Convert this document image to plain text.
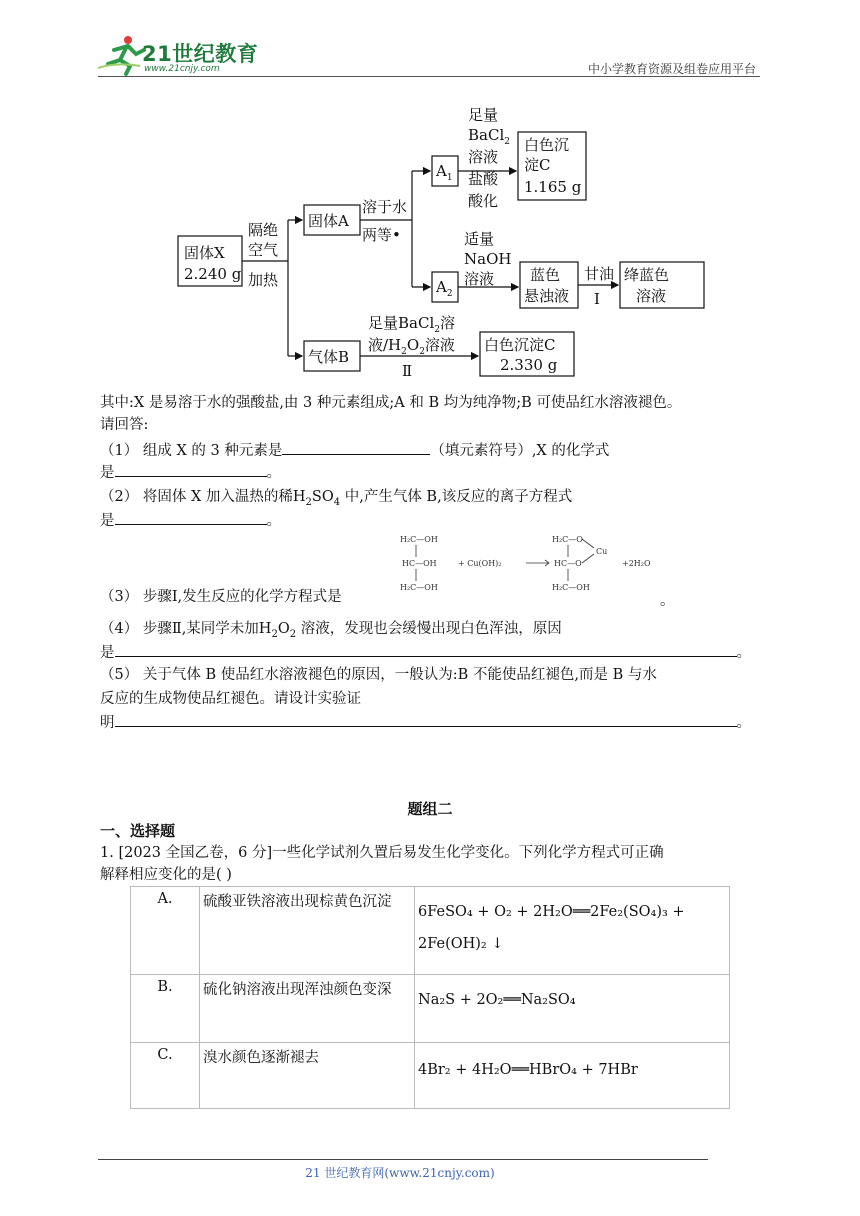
21世纪教育
www.21cnjy.com	中小学教育资源及组卷应用平台
固体X
2.240 g
隔绝
空气
加热
固体A
溶于水
两等•
$A_1$
足量
BaCl$_2$
溶液
盐酸
酸化
白色沉
淀C
1.165 g
$A_2$
适量
NaOH
溶液 蓝色
悬浊液
甘油
Ⅰ
绛蓝色
溶液
气体B
足量BaCl$_2$溶
液$/H_2O_2$溶液
Ⅱ
白色沉淀C
2.330 g
其中:X 是易溶于水的强酸盐,由 3 种元素组成;A 和 B 均为纯净物;B 可使品红水溶液褪色。
请回答:
（1） 组成 X 的 3 种元素是	（填元素符号）,X 的化学式
是	。
（2） 将固体 X 加入温热的稀$H_2SO_4$ 中,产生气体 B,该反应的离子方程式
是	。
H₂C—OH
HC—OH
H₂C—OH
+ Cu(OH)₂
H₂C—O
HC—O
H₂C—OH
Cu
+2H₂O
（3） 步骤Ⅰ,发生反应的化学方程式是	。
（4） 步骤Ⅱ,某同学未加$H_2O_2$ 溶液，发现也会缓慢出现白色浑浊，原因
是	。
（5） 关于气体 B 使品红水溶液褪色的原因，一般认为:B 不能使品红褪色,而是 B 与水
反应的生成物使品红褪色。请设计实验证
明	。
题组二
一、选择题
1. [2023 全国乙卷，6 分]一些化学试剂久置后易发生化学变化。下列化学方程式可正确
解释相应变化的是( )
A.	硫酸亚铁溶液出现棕黄色沉淀	6FeSO₄ + O₂ + 2H₂O══2Fe₂(SO₄)₃ +
2Fe(OH)₂ ↓

B.	硫化钠溶液出现浑浊颜色变深	Na₂S + 2O₂══Na₂SO₄

C.	溴水颜色逐渐褪去	4Br₂ + 4H₂O══HBrO₄ + 7HBr
21 世纪教育网(www.21cnjy.com)
